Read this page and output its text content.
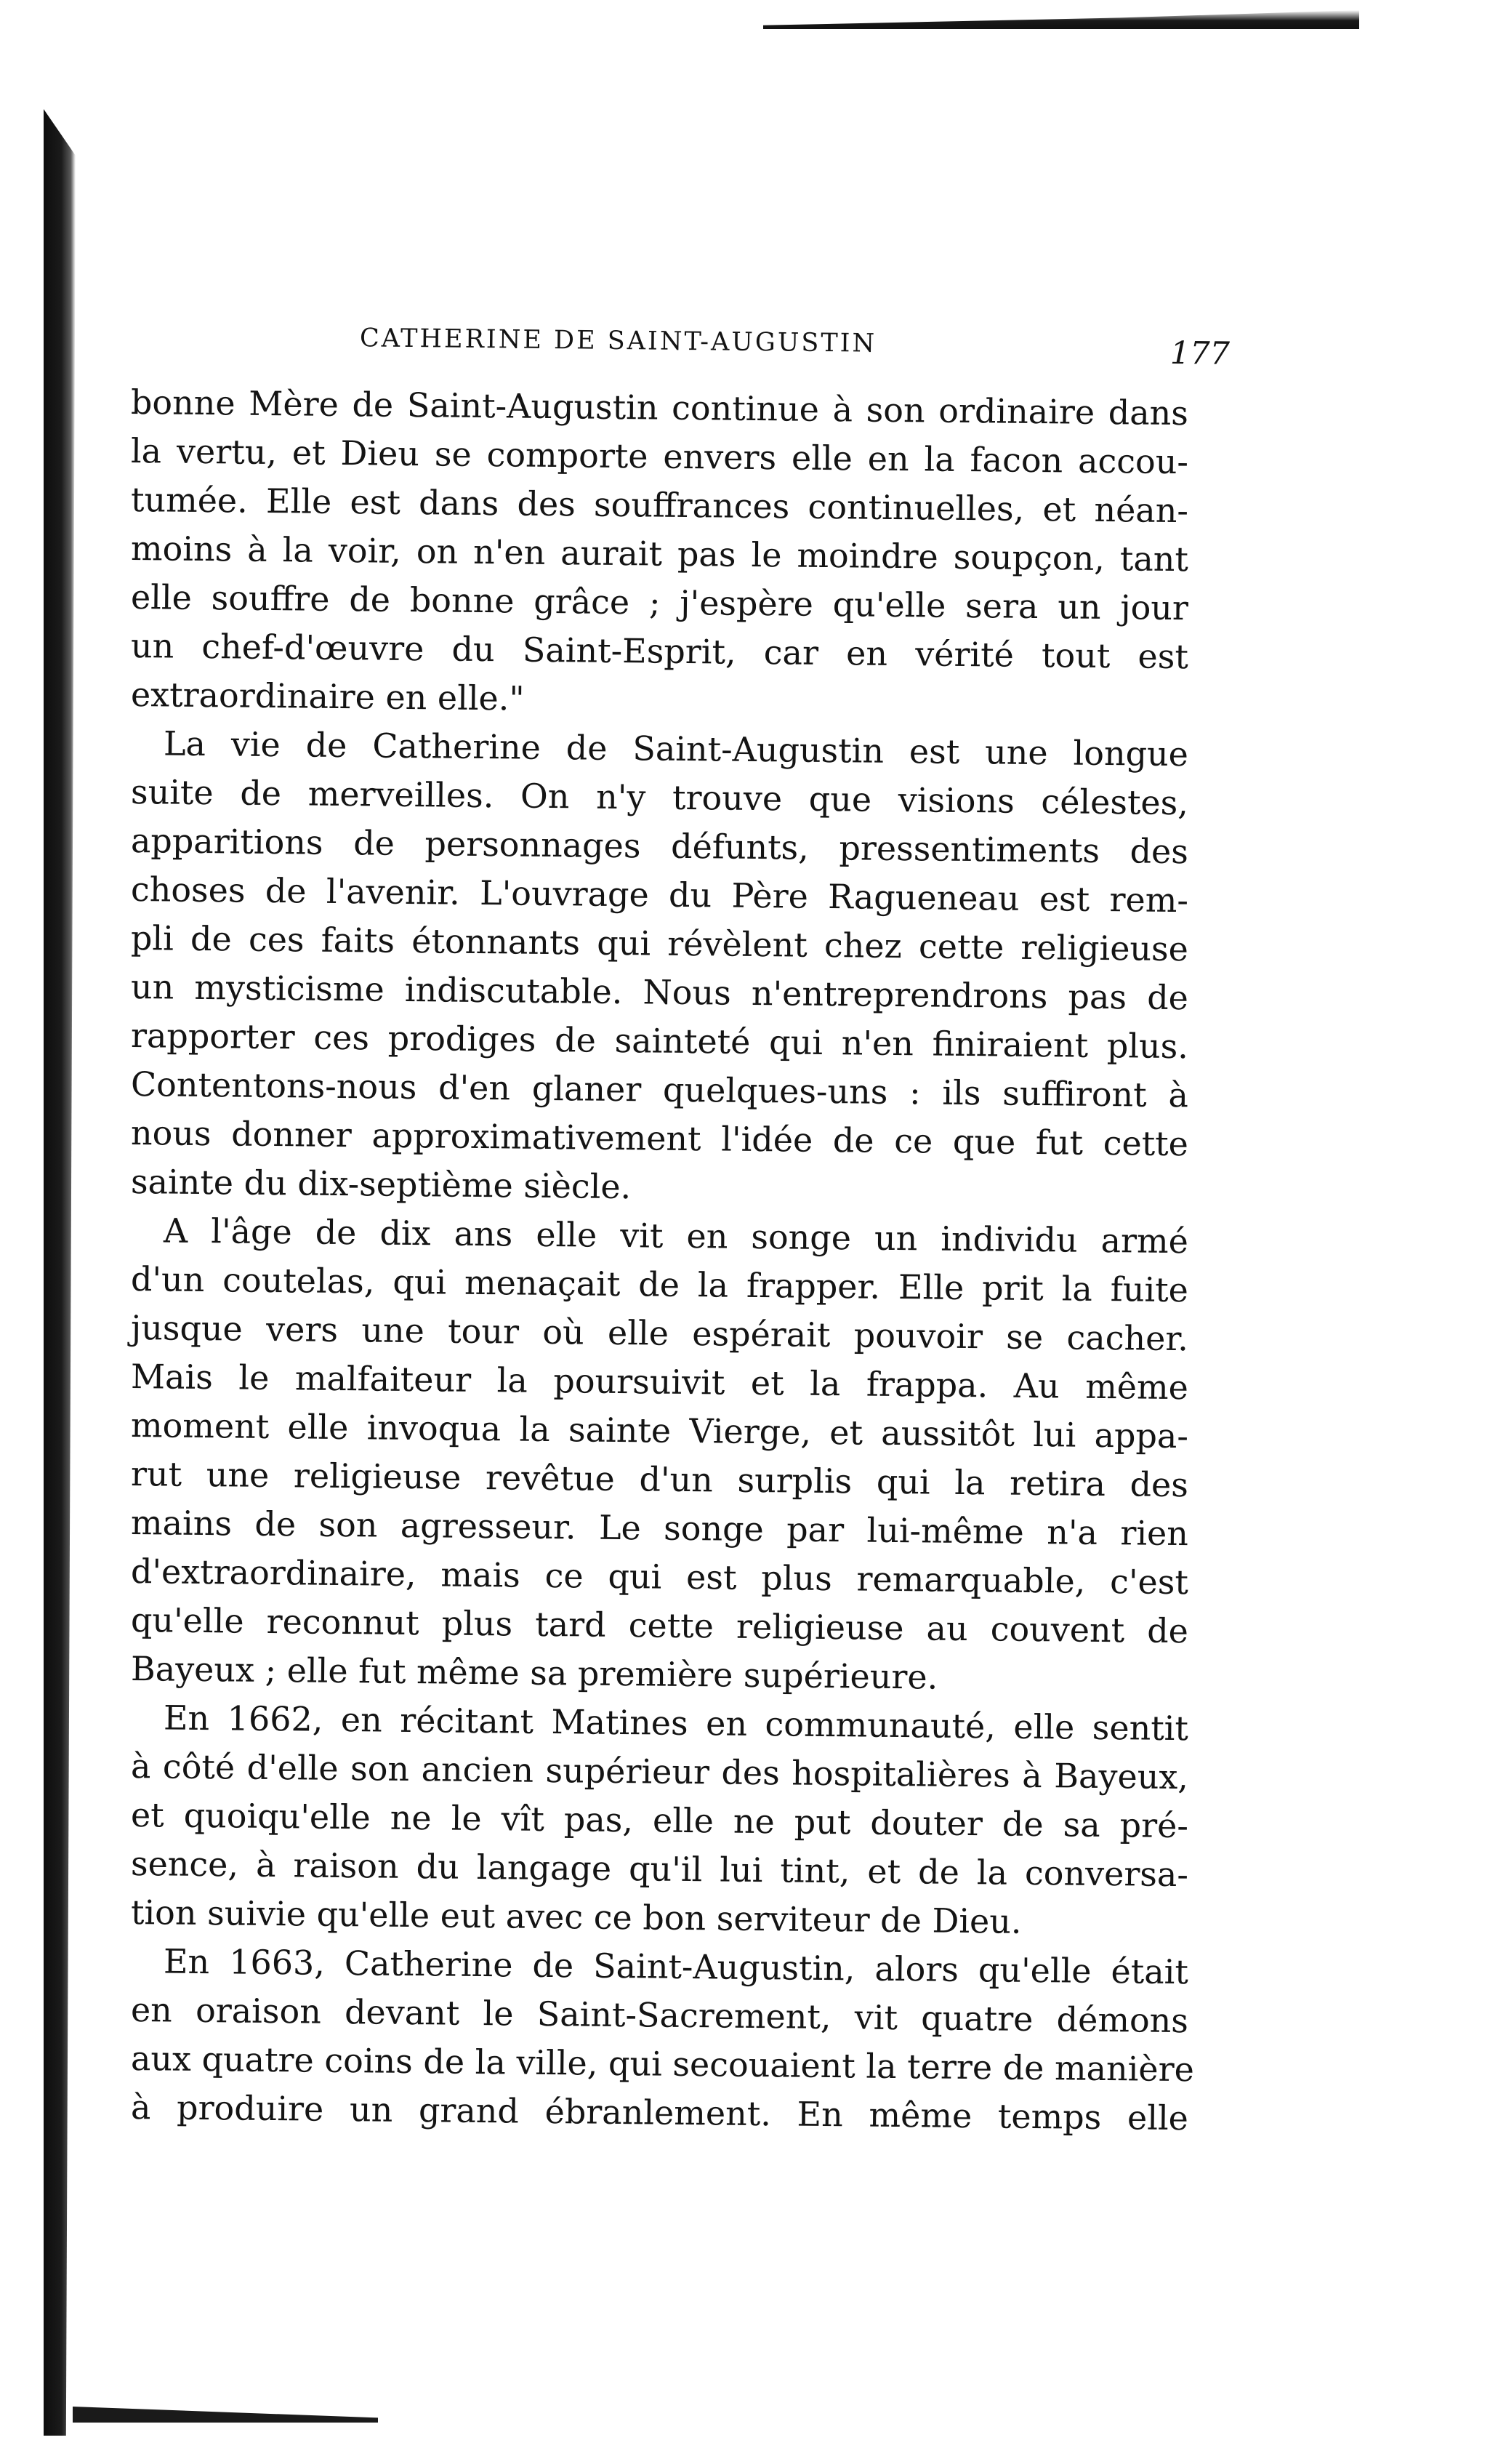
CATHERINE DE SAINT-AUGUSTIN	177
bonne Mère de Saint-Augustin continue à son ordinaire dans
la vertu, et Dieu se comporte envers elle en la facon accou-
tumée. Elle est dans des souffrances continuelles, et néan-
moins à la voir, on n'en aurait pas le moindre soupçon, tant
elle souffre de bonne grâce ; j'espère qu'elle sera un jour
un chef-d'œuvre du Saint-Esprit, car en vérité tout est
extraordinaire en elle."
La vie de Catherine de Saint-Augustin est une longue
suite de merveilles. On n'y trouve que visions célestes,
apparitions de personnages défunts, pressentiments des
choses de l'avenir. L'ouvrage du Père Ragueneau est rem-
pli de ces faits étonnants qui révèlent chez cette religieuse
un mysticisme indiscutable. Nous n'entreprendrons pas de
rapporter ces prodiges de sainteté qui n'en finiraient plus.
Contentons-nous d'en glaner quelques-uns : ils suffiront à
nous donner approximativement l'idée de ce que fut cette
sainte du dix-septième siècle.
A l'âge de dix ans elle vit en songe un individu armé
d'un coutelas, qui menaçait de la frapper. Elle prit la fuite
jusque vers une tour où elle espérait pouvoir se cacher.
Mais le malfaiteur la poursuivit et la frappa. Au même
moment elle invoqua la sainte Vierge, et aussitôt lui appa-
rut une religieuse revêtue d'un surplis qui la retira des
mains de son agresseur. Le songe par lui-même n'a rien
d'extraordinaire, mais ce qui est plus remarquable, c'est
qu'elle reconnut plus tard cette religieuse au couvent de
Bayeux ; elle fut même sa première supérieure.
En 1662, en récitant Matines en communauté, elle sentit
à côté d'elle son ancien supérieur des hospitalières à Bayeux,
et quoiqu'elle ne le vît pas, elle ne put douter de sa pré-
sence, à raison du langage qu'il lui tint, et de la conversa-
tion suivie qu'elle eut avec ce bon serviteur de Dieu.
En 1663, Catherine de Saint-Augustin, alors qu'elle était
en oraison devant le Saint-Sacrement, vit quatre démons
aux quatre coins de la ville, qui secouaient la terre de manière
à produire un grand ébranlement. En même temps elle
